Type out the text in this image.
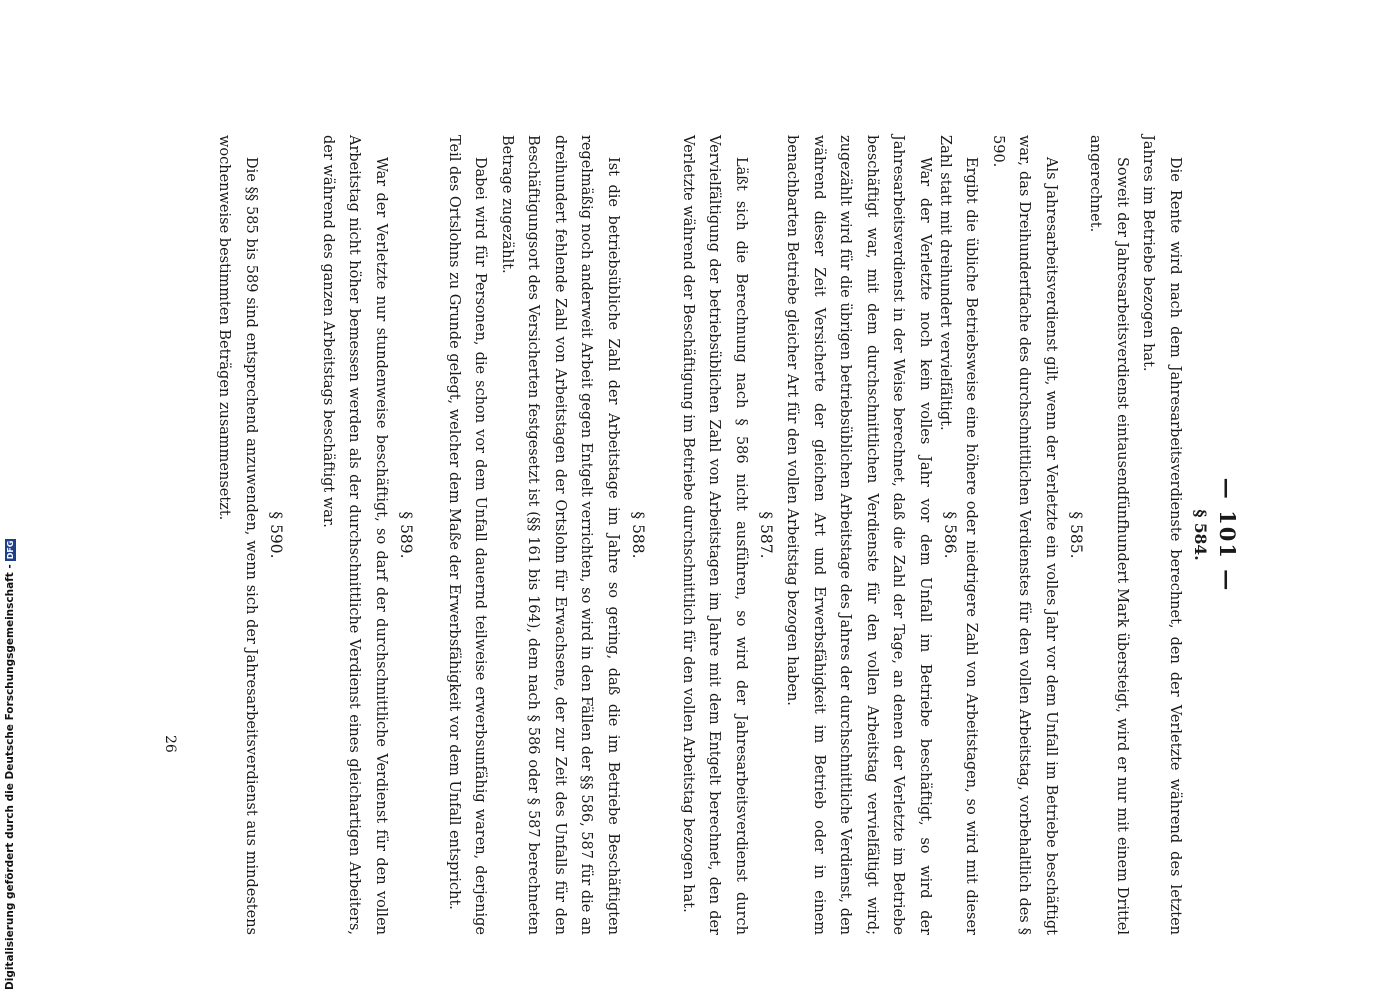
— 101 —

§ 584.

Die Rente wird nach dem Jahresarbeitsverdienste berechnet, den der Verletzte während des letzten Jahres im Betriebe bezogen hat.

Soweit der Jahresarbeitsverdienst eintausendfünfhundert Mark übersteigt, wird er nur mit einem Drittel angerechnet.

§ 585.

Als Jahresarbeitsverdienst gilt, wenn der Verletzte ein volles Jahr vor dem Unfall im Betriebe beschäftigt war, das Dreihundertfache des durchschnittlichen Verdienstes für den vollen Arbeitstag, vorbehaltlich des § 590.

Ergibt die übliche Betriebsweise eine höhere oder niedrigere Zahl von Arbeitstagen, so wird mit dieser Zahl statt mit dreihundert vervielfältigt.

§ 586.

War der Verletzte noch kein volles Jahr vor dem Unfall im Betriebe beschäftigt, so wird der Jahresarbeitsverdienst in der Weise berechnet, daß die Zahl der Tage, an denen der Verletzte im Betriebe beschäftigt war, mit dem durchschnittlichen Verdienste für den vollen Arbeitstag vervielfältigt wird; zugezählt wird für die übrigen betriebsüblichen Arbeitstage des Jahres der durchschnittliche Verdienst, den während dieser Zeit Versicherte der gleichen Art und Erwerbsfähigkeit im Betrieb oder in einem benachbarten Betriebe gleicher Art für den vollen Arbeitstag bezogen haben.

§ 587.

Läßt sich die Berechnung nach § 586 nicht ausführen, so wird der Jahresarbeitsverdienst durch Vervielfältigung der betriebsüblichen Zahl von Arbeitstagen im Jahre mit dem Entgelt berechnet, den der Verletzte während der Beschäftigung im Betriebe durchschnittlich für den vollen Arbeitstag bezogen hat.

§ 588.

Ist die betriebsübliche Zahl der Arbeitstage im Jahre so gering, daß die im Betriebe Beschäftigten regelmäßig noch anderweit Arbeit gegen Entgelt verrichten, so wird in den Fällen der §§ 586, 587 für die an dreihundert fehlende Zahl von Arbeitstagen der Ortslohn für Erwachsene, der zur Zeit des Unfalls für den Beschäftigungsort des Versicherten festgesetzt ist (§§ 161 bis 164), dem nach § 586 oder § 587 berechneten Betrage zugezählt.

Dabei wird für Personen, die schon vor dem Unfall dauernd teilweise erwerbsunfähig waren, derjenige Teil des Ortslohns zu Grunde gelegt, welcher dem Maße der Erwerbsfähigkeit vor dem Unfall entspricht.

§ 589.

War der Verletzte nur stundenweise beschäftigt, so darf der durchschnittliche Verdienst für den vollen Arbeitstag nicht höher bemessen werden als der durchschnittliche Verdienst eines gleichartigen Arbeiters, der während des ganzen Arbeitstags beschäftigt war.

§ 590.

Die §§ 585 bis 589 sind entsprechend anzuwenden, wenn sich der Jahresarbeitsverdienst aus mindestens wochenweise bestimmten Beträgen zusammensetzt.

26
Digitalisierung gefördert durch die Deutsche Forschungsgemeinschaft -
DFG
